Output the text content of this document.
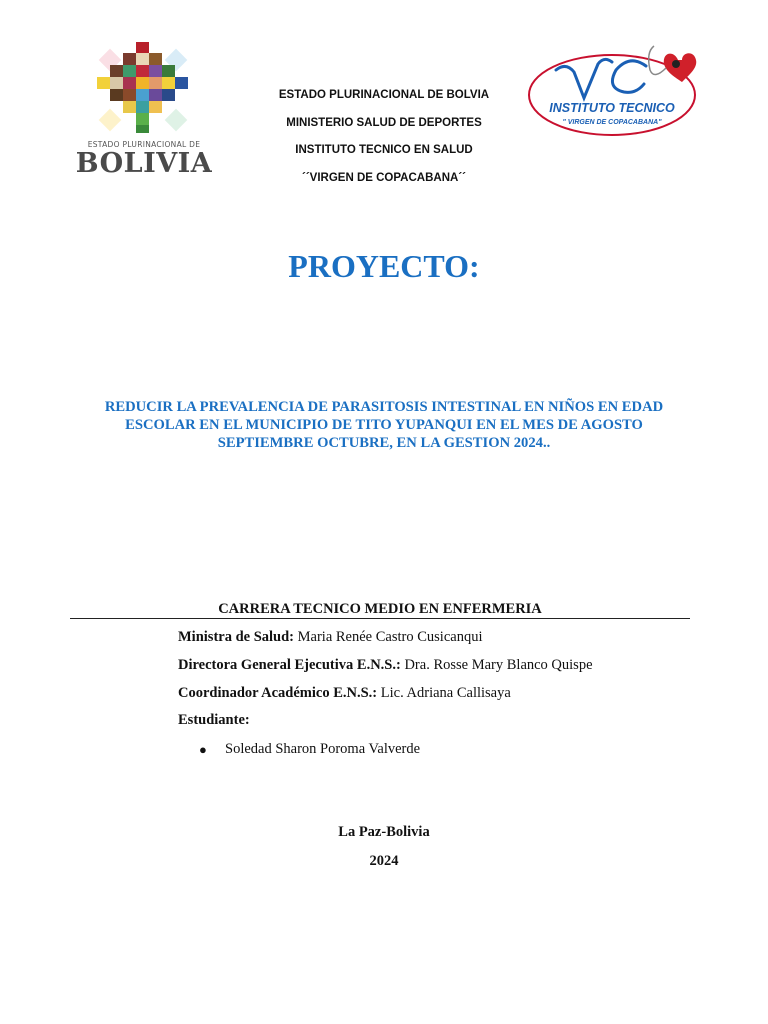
ESTADO PLURINACIONAL DE
BOLIVIA
ESTADO PLURINACIONAL DE BOLVIA
MINISTERIO SALUD DE DEPORTES
INSTITUTO TECNICO EN SALUD
´´VIRGEN DE COPACABANA´´
INSTITUTO TECNICO
" VIRGEN DE COPACABANA"
PROYECTO:
REDUCIR LA PREVALENCIA DE PARASITOSIS INTESTINAL EN NIÑOS EN EDAD ESCOLAR EN EL MUNICIPIO DE TITO YUPANQUI EN EL MES DE AGOSTO SEPTIEMBRE OCTUBRE, EN LA GESTION 2024..
CARRERA TECNICO MEDIO EN ENFERMERIA
Ministra de Salud: Maria Renée Castro Cusicanqui
Directora General Ejecutiva E.N.S.: Dra. Rosse Mary Blanco Quispe
Coordinador Académico E.N.S.: Lic. Adriana Callisaya
Estudiante:
● Soledad Sharon Poroma Valverde
La Paz-Bolivia
2024
